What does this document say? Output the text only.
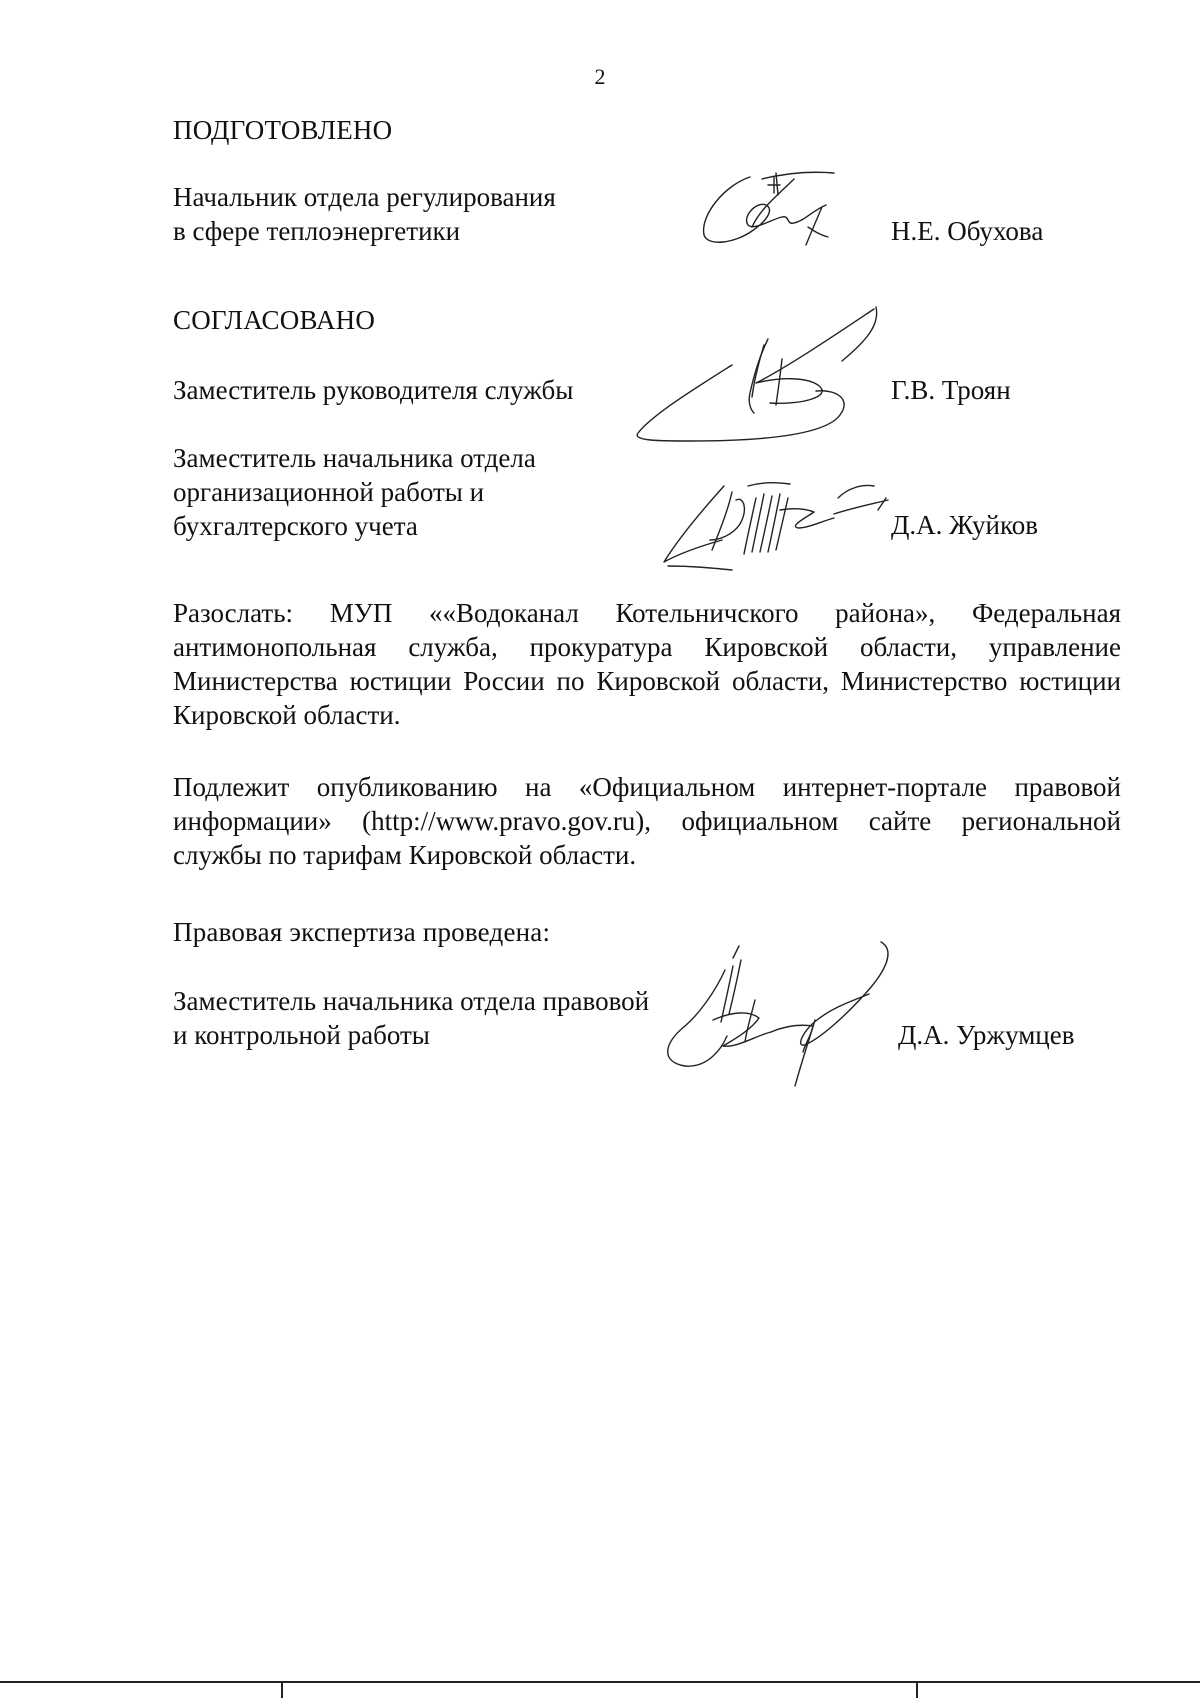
2
ПОДГОТОВЛЕНО
Начальник отдела регулирования
в сфере теплоэнергетики	Н.Е. Обухова
СОГЛАСОВАНО
Заместитель руководителя службы	Г.В. Троян
Заместитель начальника отдела
организационной работы и
бухгалтерского учета	Д.А. Жуйков
Разослать: МУП ««Водоканал Котельничского района», Федеральная антимонопольная служба, прокуратура Кировской области, управление Министерства юстиции России по Кировской области, Министерство юстиции Кировской области.
Подлежит опубликованию на «Официальном интернет-портале правовой информации» (http://www.pravo.gov.ru), официальном сайте региональной службы по тарифам Кировской области.
Правовая экспертиза проведена:
Заместитель начальника отдела правовой
и контрольной работы	Д.А. Уржумцев
